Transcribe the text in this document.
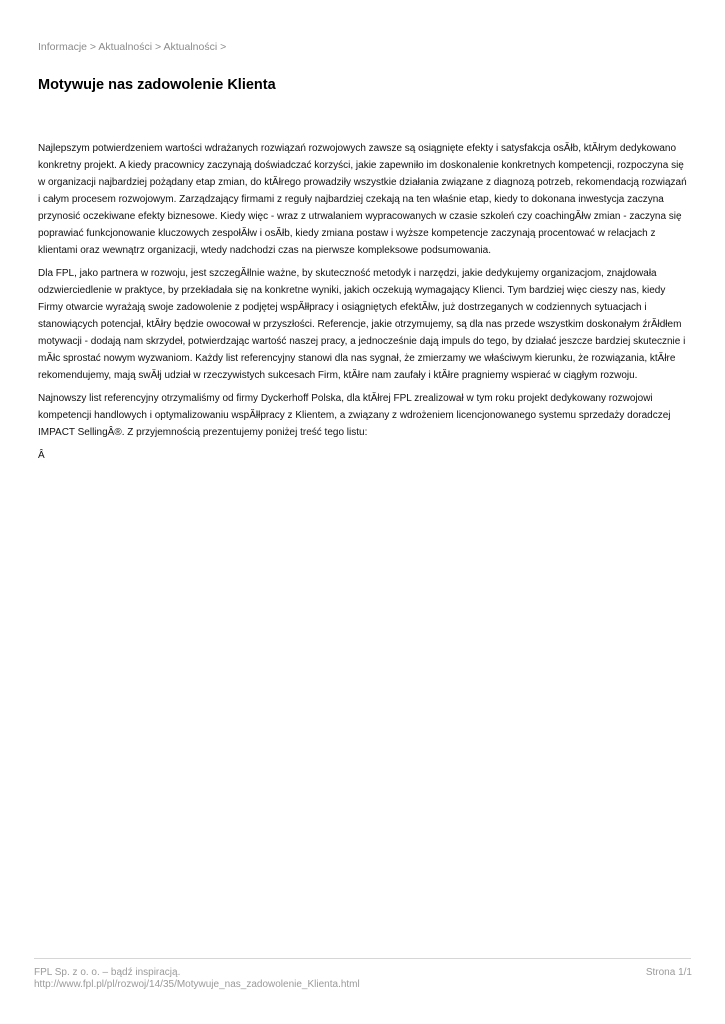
Informacje > Aktualności > Aktualności >
Motywuje nas zadowolenie Klienta

Najlepszym potwierdzeniem wartości wdrażanych rozwiązań rozwojowych zawsze są osiągnięte efekty i satysfakcja osĂłb, ktĂłrym dedykowano konkretny projekt. A kiedy pracownicy zaczynają doświadczać korzyści, jakie zapewniło im doskonalenie konkretnych kompetencji, rozpoczyna się w organizacji najbardziej pożądany etap zmian, do ktĂłrego prowadziły wszystkie działania związane z diagnozą potrzeb, rekomendacją rozwiązań i całym procesem rozwojowym. Zarządzający firmami z reguły najbardziej czekają na ten właśnie etap, kiedy to dokonana inwestycja zaczyna przynosić oczekiwane efekty biznesowe. Kiedy więc - wraz z utrwalaniem wypracowanych w czasie szkoleń czy coachingĂłw zmian - zaczyna się poprawiać funkcjonowanie kluczowych zespołĂłw i osĂłb, kiedy zmiana postaw i wyższe kompetencje zaczynają procentować w relacjach z klientami oraz wewnątrz organizacji, wtedy nadchodzi czas na pierwsze kompleksowe podsumowania.

Dla FPL, jako partnera w rozwoju, jest szczegĂłlnie ważne, by skuteczność metodyk i narzędzi, jakie dedykujemy organizacjom, znajdowała odzwierciedlenie w praktyce, by przekładała się na konkretne wyniki, jakich oczekują wymagający Klienci. Tym bardziej więc cieszy nas, kiedy Firmy otwarcie wyrażają swoje zadowolenie z podjętej wspĂłłpracy i osiągniętych efektĂłw, już dostrzeganych w codziennych sytuacjach i stanowiących potencjał, ktĂłry będzie owocował w przyszłości. Referencje, jakie otrzymujemy, są dla nas przede wszystkim doskonałym źrĂłdłem motywacji - dodają nam skrzydeł, potwierdzając wartość naszej pracy, a jednocześnie dają impuls do tego, by działać jeszcze bardziej skutecznie i mĂłc sprostać nowym wyzwaniom. Każdy list referencyjny stanowi dla nas sygnał, że zmierzamy we właściwym kierunku, że rozwiązania, ktĂłre rekomendujemy, mają swĂłj udział w rzeczywistych sukcesach Firm, ktĂłre nam zaufały i ktĂłre pragniemy wspierać w ciągłym rozwoju.

Najnowszy list referencyjny otrzymaliśmy od firmy Dyckerhoff Polska, dla ktĂłrej FPL zrealizował w tym roku projekt dedykowany rozwojowi kompetencji handlowych i optymalizowaniu wspĂłłpracy z Klientem, a związany z wdrożeniem licencjonowanego systemu sprzedaży doradczej IMPACT SellingÂ®. Z przyjemnością prezentujemy poniżej treść tego listu:

Â

FPL Sp. z o. o. – bądź inspiracją.
http://www.fpl.pl/pl/rozwoj/14/35/Motywuje_nas_zadowolenie_Klienta.html
Strona 1/1
